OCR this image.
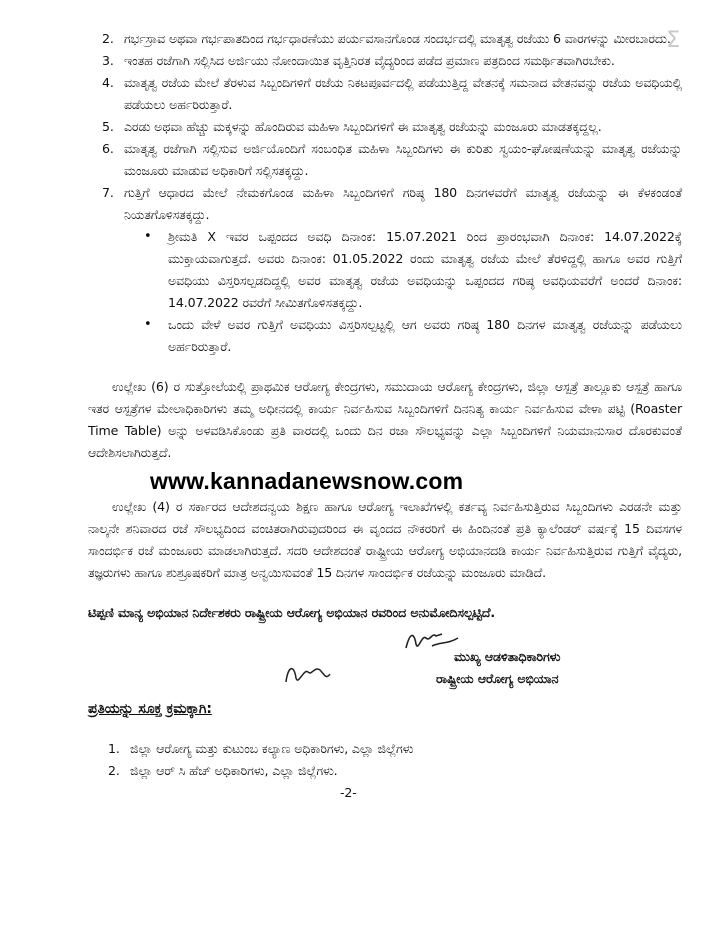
Ʃ
2. ಗರ್ಭಸ್ರಾವ ಅಥವಾ ಗರ್ಭಪಾತದಿಂದ ಗರ್ಭಧಾರಣೆಯು ಪರ್ಯವಸಾನಗೊಂಡ ಸಂದರ್ಭದಲ್ಲಿ ಮಾತೃತ್ವ ರಜೆಯು 6 ವಾರಗಳನ್ನು ಮೀರಬಾರದು.
3. ಇಂತಹ ರಜೆಗಾಗಿ ಸಲ್ಲಿಸಿದ ಅರ್ಜಿಯು ನೋಂದಾಯಿತ ವೃತ್ತಿನಿರತ ವೈದ್ಯರಿಂದ ಪಡೆದ ಪ್ರಮಾಣ ಪತ್ರದಿಂದ ಸಮರ್ಥಿತವಾಗಿರಬೇಕು.
4. ಮಾತೃತ್ವ ರಜೆಯ ಮೇಲೆ ತೆರಳುವ ಸಿಬ್ಬಂದಿಗಳಿಗೆ ರಜೆಯ ನಿಕಟಪೂರ್ವದಲ್ಲಿ ಪಡೆಯುತ್ತಿದ್ದ ವೇತನಕ್ಕೆ ಸಮನಾದ ವೇತನವನ್ನು ರಜೆಯ ಅವಧಿಯಲ್ಲಿ ಪಡೆಯಲು ಅರ್ಹರಿರುತ್ತಾರೆ.
5. ಎರಡು ಅಥವಾ ಹೆಚ್ಚು ಮಕ್ಕಳನ್ನು ಹೊಂದಿರುವ ಮಹಿಳಾ ಸಿಬ್ಬಂದಿಗಳಿಗೆ ಈ ಮಾತೃತ್ವ ರಜೆಯನ್ನು ಮಂಜೂರು ಮಾಡತಕ್ಕದ್ದಲ್ಲ.
6. ಮಾತೃತ್ವ ರಜೆಗಾಗಿ ಸಲ್ಲಿಸುವ ಅರ್ಜಿಯೊಂದಿಗೆ ಸಂಬಂಧಿತ ಮಹಿಳಾ ಸಿಬ್ಬಂದಿಗಳು ಈ ಕುರಿತು ಸ್ವಯಂ-ಘೋಷಣೆಯನ್ನು ಮಾತೃತ್ವ ರಜೆಯನ್ನು ಮಂಜೂರು ಮಾಡುವ ಅಧಿಕಾರಿಗೆ ಸಲ್ಲಿಸತಕ್ಕದ್ದು.
7. ಗುತ್ತಿಗೆ ಆಧಾರದ ಮೇಲೆ ನೇಮಕಗೊಂಡ ಮಹಿಳಾ ಸಿಬ್ಬಂದಿಗಳಿಗೆ ಗರಿಷ್ಠ 180 ದಿನಗಳವರೆಗೆ ಮಾತೃತ್ವ ರಜೆಯನ್ನು ಈ ಕೆಳಕಂಡಂತೆ ನಿಯತಗೊಳಿಸತಕ್ಕದ್ದು.
• ಶ್ರೀಮತಿ X ಇವರ ಒಪ್ಪಂದದ ಅವಧಿ ದಿನಾಂಕ: 15.07.2021 ರಿಂದ ಪ್ರಾರಂಭವಾಗಿ ದಿನಾಂಕ: 14.07.2022ಕ್ಕೆ ಮುಕ್ತಾಯವಾಗುತ್ತದೆ. ಅವರು ದಿನಾಂಕ: 01.05.2022 ರಂದು ಮಾತೃತ್ವ ರಜೆಯ ಮೇಲೆ ತೆರಳಿದ್ದಲ್ಲಿ ಹಾಗೂ ಅವರ ಗುತ್ತಿಗೆ ಅವಧಿಯು ವಿಸ್ತರಿಸಲ್ಪಡದಿದ್ದಲ್ಲಿ ಅವರ ಮಾತೃತ್ವ ರಜೆಯ ಅವಧಿಯನ್ನು ಒಪ್ಪಂದದ ಗರಿಷ್ಠ ಅವಧಿಯವರೆಗೆ ಅಂದರೆ ದಿನಾಂಕ: 14.07.2022 ರವರೆಗೆ ಸೀಮಿತಗೊಳಿಸತಕ್ಕದ್ದು.
• ಒಂದು ವೇಳೆ ಅವರ ಗುತ್ತಿಗೆ ಅವಧಿಯು ವಿಸ್ತರಿಸಲ್ಪಟ್ಟಲ್ಲಿ ಆಗ ಅವರು ಗರಿಷ್ಠ 180 ದಿನಗಳ ಮಾತೃತ್ವ ರಜೆಯನ್ನು ಪಡೆಯಲು ಅರ್ಹರಿರುತ್ತಾರೆ.

ಉಲ್ಲೇಖ (6) ರ ಸುತ್ತೋಲೆಯಲ್ಲಿ ಪ್ರಾಥಮಿಕ ಆರೋಗ್ಯ ಕೇಂದ್ರಗಳು, ಸಮುದಾಯ ಆರೋಗ್ಯ ಕೇಂದ್ರಗಳು, ಜಿಲ್ಲಾ ಆಸ್ಪತ್ರೆ ತಾಲ್ಲೂಕು ಆಸ್ಪತ್ರೆ ಹಾಗೂ ಇತರ ಆಸ್ಪತ್ರೆಗಳ ಮೇಲಾಧಿಕಾರಿಗಳು ತಮ್ಮ ಅಧೀನದಲ್ಲಿ ಕಾರ್ಯ ನಿರ್ವಹಿಸುವ ಸಿಬ್ಬಂದಿಗಳಿಗೆ ದಿನನಿತ್ಯ ಕಾರ್ಯ ನಿರ್ವಹಿಸುವ ವೇಳಾ ಪಟ್ಟಿ (Roaster Time Table) ಅನ್ನು ಅಳವಡಿಸಿಕೊಂಡು ಪ್ರತಿ ವಾರದಲ್ಲಿ ಒಂದು ದಿನ ರಜಾ ಸೌಲಭ್ಯವನ್ನು ಎಲ್ಲಾ ಸಿಬ್ಬಂದಿಗಳಿಗೆ ನಿಯಮಾನುಸಾರ ದೊರಕುವಂತೆ ಆದೇಶಿಸಲಾಗಿರುತ್ತದೆ.

www.kannadanewsnow.com

ಉಲ್ಲೇಖ (4) ರ ಸರ್ಕಾರದ ಆದೇಶದನ್ವಯ ಶಿಕ್ಷಣ ಹಾಗೂ ಆರೋಗ್ಯ ಇಲಾಖೆಗಳಲ್ಲಿ ಕರ್ತವ್ಯ ನಿರ್ವಹಿಸುತ್ತಿರುವ ಸಿಬ್ಬಂದಿಗಳು ಎರಡನೇ ಮತ್ತು ನಾಲ್ಕನೇ ಶನಿವಾರದ ರಜೆ ಸೌಲಭ್ಯದಿಂದ ವಂಚಿತರಾಗಿರುವುದರಿಂದ ಈ ವೃಂದದ ನೌಕರರಿಗೆ ಈ ಹಿಂದಿನಂತೆ ಪ್ರತಿ ಕ್ಯಾಲೆಂಡರ್ ವರ್ಷಕ್ಕೆ 15 ದಿವಸಗಳ ಸಾಂದರ್ಭಿಕ ರಜೆ ಮಂಜೂರು ಮಾಡಲಾಗಿರುತ್ತದೆ. ಸದರಿ ಆದೇಶದಂತೆ ರಾಷ್ಟ್ರೀಯ ಆರೋಗ್ಯ ಅಭಿಯಾನದಡಿ ಕಾರ್ಯ ನಿರ್ವಹಿಸುತ್ತಿರುವ ಗುತ್ತಿಗೆ ವೈದ್ಯರು, ತಜ್ಞರುಗಳು ಹಾಗೂ ಶುಶ್ರೂಷಕರಿಗೆ ಮಾತ್ರ ಅನ್ವಯಿಸುವಂತೆ 15 ದಿನಗಳ ಸಾಂದರ್ಭಿಕ ರಜೆಯನ್ನು ಮಂಜೂರು ಮಾಡಿದೆ.

ಟಿಪ್ಪಣಿ ಮಾನ್ಯ ಅಭಿಯಾನ ನಿರ್ದೇಶಕರು ರಾಷ್ಟ್ರೀಯ ಆರೋಗ್ಯ ಅಭಿಯಾನ ರವರಿಂದ ಅನುಮೋದಿಸಲ್ಪಟ್ಟಿದೆ.
ಮುಖ್ಯ ಆಡಳಿತಾಧಿಕಾರಿಗಳು
ರಾಷ್ಟ್ರೀಯ ಆರೋಗ್ಯ ಅಭಿಯಾನ
ಪ್ರತಿಯನ್ನು ಸೂಕ್ತ ಕ್ರಮಕ್ಕಾಗಿ:
1. ಜಿಲ್ಲಾ ಆರೋಗ್ಯ ಮತ್ತು ಕುಟುಂಬ ಕಲ್ಯಾಣ ಅಧಿಕಾರಿಗಳು, ಎಲ್ಲಾ ಜಿಲ್ಲೆಗಳು
2. ಜಿಲ್ಲಾ ಆರ್ ಸಿ ಹೆಚ್ ಅಧಿಕಾರಿಗಳು, ಎಲ್ಲಾ ಜಿಲ್ಲೆಗಳು.
-2-
